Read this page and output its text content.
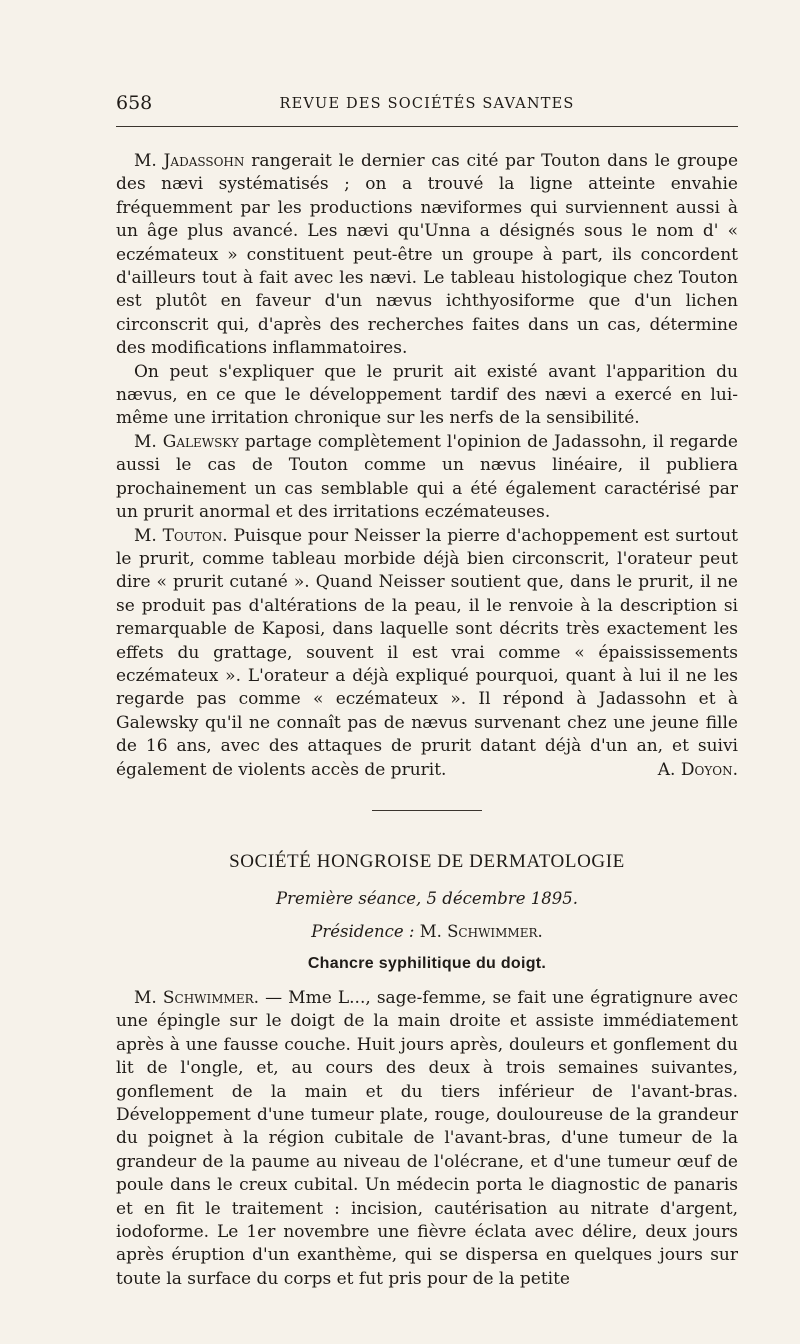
658	REVUE DES SOCIÉTÉS SAVANTES

M. Jadassohn rangerait le dernier cas cité par Touton dans le groupe des nævi systématisés ; on a trouvé la ligne atteinte envahie fréquemment par les productions næviformes qui surviennent aussi à un âge plus avancé. Les nævi qu'Unna a désignés sous le nom d' « eczémateux » constituent peut-être un groupe à part, ils concordent d'ailleurs tout à fait avec les nævi. Le tableau histologique chez Touton est plutôt en faveur d'un nævus ichthyosiforme que d'un lichen circonscrit qui, d'après des recherches faites dans un cas, détermine des modifications inflammatoires.

On peut s'expliquer que le prurit ait existé avant l'apparition du nævus, en ce que le développement tardif des nævi a exercé en lui-même une irritation chronique sur les nerfs de la sensibilité.

M. Galewsky partage complètement l'opinion de Jadassohn, il regarde aussi le cas de Touton comme un nævus linéaire, il publiera prochainement un cas semblable qui a été également caractérisé par un prurit anormal et des irritations eczémateuses.

M. Touton. Puisque pour Neisser la pierre d'achoppement est surtout le prurit, comme tableau morbide déjà bien circonscrit, l'orateur peut dire « prurit cutané ». Quand Neisser soutient que, dans le prurit, il ne se produit pas d'altérations de la peau, il le renvoie à la description si remarquable de Kaposi, dans laquelle sont décrits très exactement les effets du grattage, souvent il est vrai comme « épaississements eczémateux ». L'orateur a déjà expliqué pourquoi, quant à lui il ne les regarde pas comme « eczémateux ». Il répond à Jadassohn et à Galewsky qu'il ne connaît pas de nævus survenant chez une jeune fille de 16 ans, avec des attaques de prurit datant déjà d'un an, et suivi également de violents accès de prurit.	A. Doyon.

SOCIÉTÉ HONGROISE DE DERMATOLOGIE
Première séance, 5 décembre 1895.
Présidence : M. Schwimmer.
Chancre syphilitique du doigt.

M. Schwimmer. — Mme L..., sage-femme, se fait une égratignure avec une épingle sur le doigt de la main droite et assiste immédiatement après à une fausse couche. Huit jours après, douleurs et gonflement du lit de l'ongle, et, au cours des deux à trois semaines suivantes, gonflement de la main et du tiers inférieur de l'avant-bras. Développement d'une tumeur plate, rouge, douloureuse de la grandeur du poignet à la région cubitale de l'avant-bras, d'une tumeur de la grandeur de la paume au niveau de l'olécrane, et d'une tumeur œuf de poule dans le creux cubital. Un médecin porta le diagnostic de panaris et en fit le traitement : incision, cautérisation au nitrate d'argent, iodoforme. Le 1er novembre une fièvre éclata avec délire, deux jours après éruption d'un exanthème, qui se dispersa en quelques jours sur toute la surface du corps et fut pris pour de la petite
